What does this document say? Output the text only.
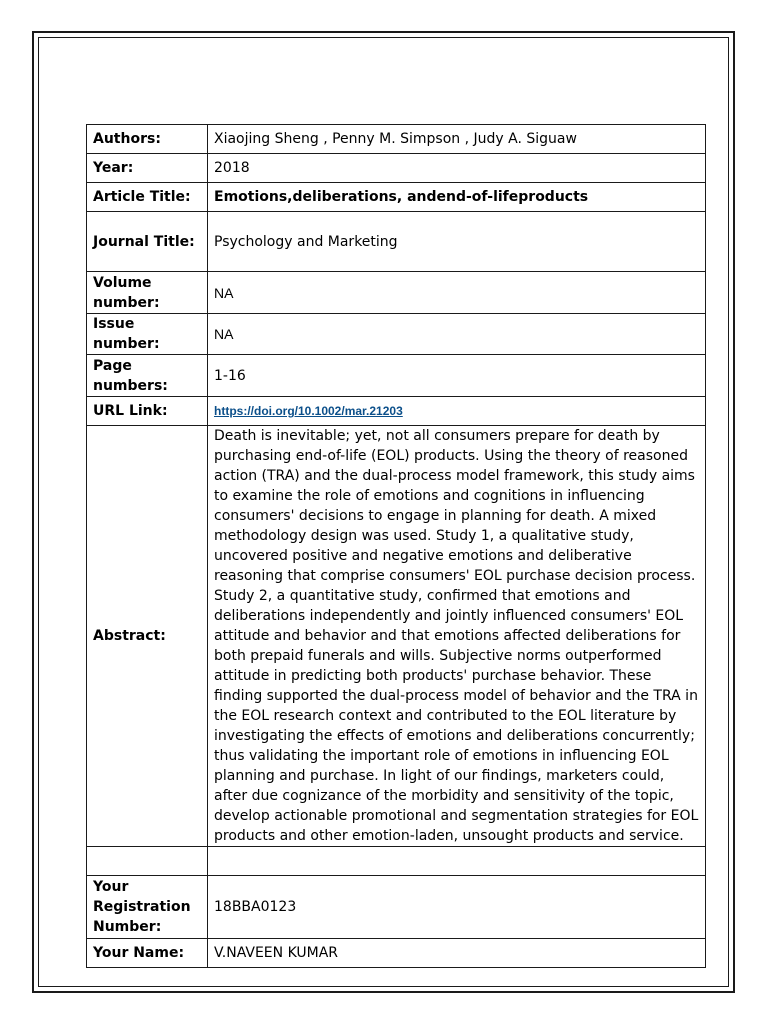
Authors:	Xiaojing Sheng , Penny M. Simpson , Judy A. Siguaw
Year:	2018
Article Title:	Emotions,deliberations, andend-of-lifeproducts
Journal Title:	Psychology and Marketing
Volume number:	NA
Issue number:	NA
Page numbers:	1-16
URL Link:	https://doi.org/10.1002/mar.21203
Abstract:	Death is inevitable; yet, not all consumers prepare for death by purchasing end-of-life (EOL) products. Using the theory of reasoned action (TRA) and the dual-process model framework, this study aims to examine the role of emotions and cognitions in influencing consumers' decisions to engage in planning for death. A mixed methodology design was used. Study 1, a qualitative study, uncovered positive and negative emotions and deliberative reasoning that comprise consumers' EOL purchase decision process. Study 2, a quantitative study, confirmed that emotions and deliberations independently and jointly influenced consumers' EOL attitude and behavior and that emotions affected deliberations for both prepaid funerals and wills. Subjective norms outperformed attitude in predicting both products' purchase behavior. These finding supported the dual-process model of behavior and the TRA in the EOL research context and contributed to the EOL literature by investigating the effects of emotions and deliberations concurrently; thus validating the important role of emotions in influencing EOL planning and purchase. In light of our findings, marketers could, after due cognizance of the morbidity and sensitivity of the topic, develop actionable promotional and segmentation strategies for EOL products and other emotion-laden, unsought products and service.

Your Registration Number:	18BBA0123
Your Name:	V.NAVEEN KUMAR
